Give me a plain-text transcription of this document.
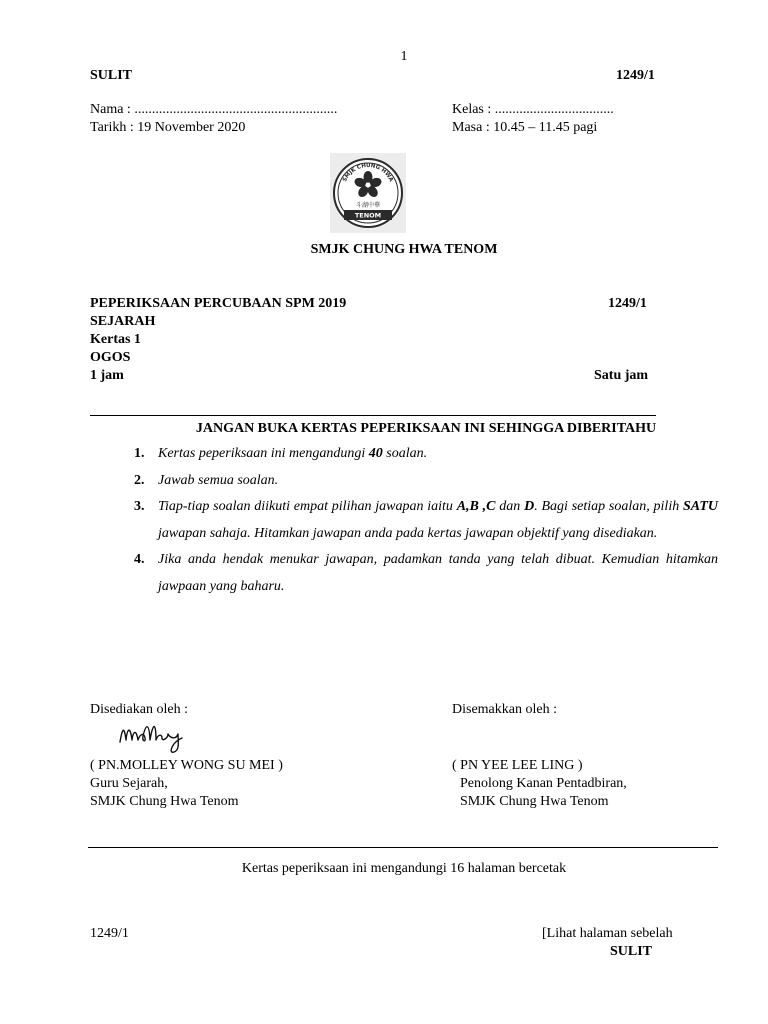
1
SULIT	1249/1
Nama : ..........................................................
Tarikh : 19 November 2020
Kelas : ..................................
Masa : 10.45 – 11.45 pagi
SMJK CHUNG HWA
斗湖中華
TENOM
SMJK CHUNG HWA TENOM
PEPERIKSAAN PERCUBAAN SPM 2019	1249/1
SEJARAH
Kertas 1
OGOS
1 jam	Satu jam
JANGAN BUKA KERTAS PEPERIKSAAN INI SEHINGGA DIBERITAHU
1. Kertas peperiksaan ini mengandungi 40 soalan.
2. Jawab semua soalan.
3. Tiap-tiap soalan diikuti empat pilihan jawapan iaitu A,B ,C dan D. Bagi setiap soalan, pilih SATU jawapan sahaja. Hitamkan jawapan anda pada kertas jawapan objektif yang disediakan.
4. Jika anda hendak menukar jawapan, padamkan tanda yang telah dibuat. Kemudian hitamkan jawpaan yang baharu.
Disediakan oleh :	Disemakkan oleh :
( PN.MOLLEY WONG SU MEI )
Guru Sejarah,
SMJK Chung Hwa Tenom
( PN YEE LEE LING )
Penolong Kanan Pentadbiran,
SMJK Chung Hwa Tenom
Kertas peperiksaan ini mengandungi 16 halaman bercetak
1249/1	[Lihat halaman sebelah
SULIT
